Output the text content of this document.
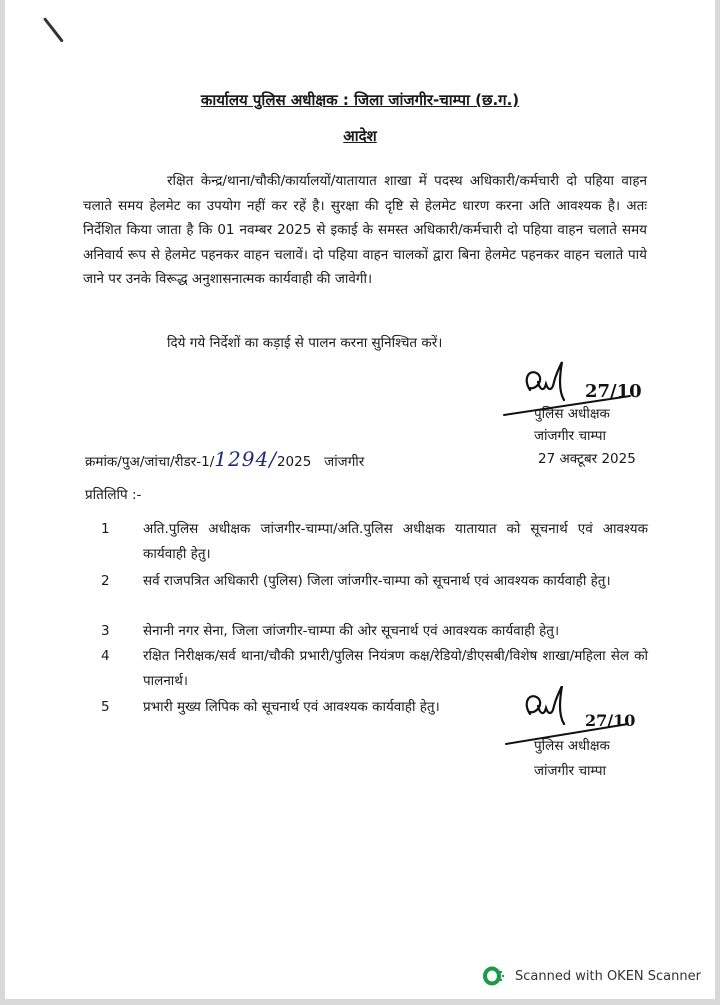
कार्यालय पुलिस अधीक्षक : जिला जांजगीर-चाम्पा (छ.ग.)
आदेश
रक्षित केन्द्र/थाना/चौकी/कार्यालयों/यातायात शाखा में पदस्थ अधिकारी/कर्मचारी दो पहिया वाहन चलाते समय हेलमेट का उपयोग नहीं कर रहें है। सुरक्षा की दृष्टि से हेलमेट धारण करना अति आवश्यक है। अतः निर्देशित किया जाता है कि 01 नवम्बर 2025 से इकाई के समस्त अधिकारी/कर्मचारी दो पहिया वाहन चलाते समय अनिवार्य रूप से हेलमेट पहनकर वाहन चलावें। दो पहिया वाहन चालकों द्वारा बिना हेलमेट पहनकर वाहन चलाते पाये जाने पर उनके विरूद्ध अनुशासनात्मक कार्यवाही की जावेगी।
दिये गये निर्देशों का कड़ाई से पालन करना सुनिश्चित करें।
27/10
पुलिस अधीक्षक
जांजगीर चाम्पा
क्रमांक/पुअ/जांचा/रीडर-1/1294/2025 जांजगीर	27 अक्टूबर 2025
प्रतिलिपि :-
1 अति.पुलिस अधीक्षक जांजगीर-चाम्पा/अति.पुलिस अधीक्षक यातायात को सूचनार्थ एवं आवश्यक कार्यवाही हेतु।
2 सर्व राजपत्रित अधिकारी (पुलिस) जिला जांजगीर-चाम्पा को सूचनार्थ एवं आवश्यक कार्यवाही हेतु।
3 सेनानी नगर सेना, जिला जांजगीर-चाम्पा की ओर सूचनार्थ एवं आवश्यक कार्यवाही हेतु।
4 रक्षित निरीक्षक/सर्व थाना/चौकी प्रभारी/पुलिस नियंत्रण कक्ष/रेडियो/डीएसबी/विशेष शाखा/महिला सेल को पालनार्थ।
5 प्रभारी मुख्य लिपिक को सूचनार्थ एवं आवश्यक कार्यवाही हेतु।
27/10
पुलिस अधीक्षक
जांजगीर चाम्पा
Scanned with OKEN Scanner
